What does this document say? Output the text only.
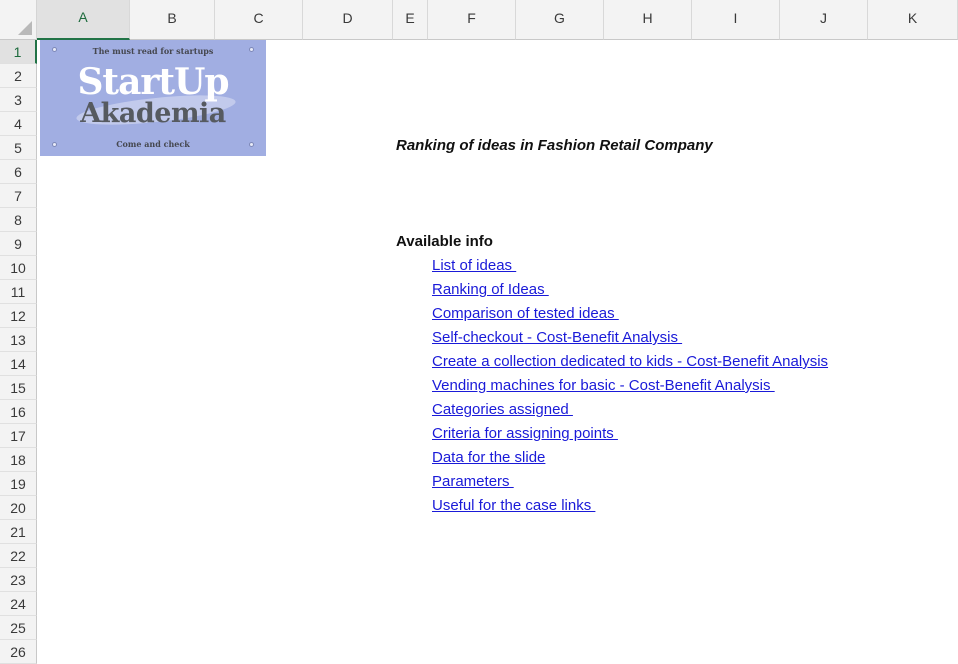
A	B	C	D	E	F	G	H	I	J	K
1
2
3
4
5
6
7
8
9
10
11
12
13
14
15
16
17
18
19
20
21
22
23
24
25
26
The must read for startups
StartUp
Akademia
Come and check	Ranking of ideas in Fashion Retail Company
Available info
List of ideas
Ranking of Ideas
Comparison of tested ideas
Self-checkout - Cost-Benefit Analysis
Create a collection dedicated to kids - Cost-Benefit Analysis
Vending machines for basic - Cost-Benefit Analysis
Categories assigned
Criteria for assigning points
Data for the slide
Parameters
Useful for the case links
